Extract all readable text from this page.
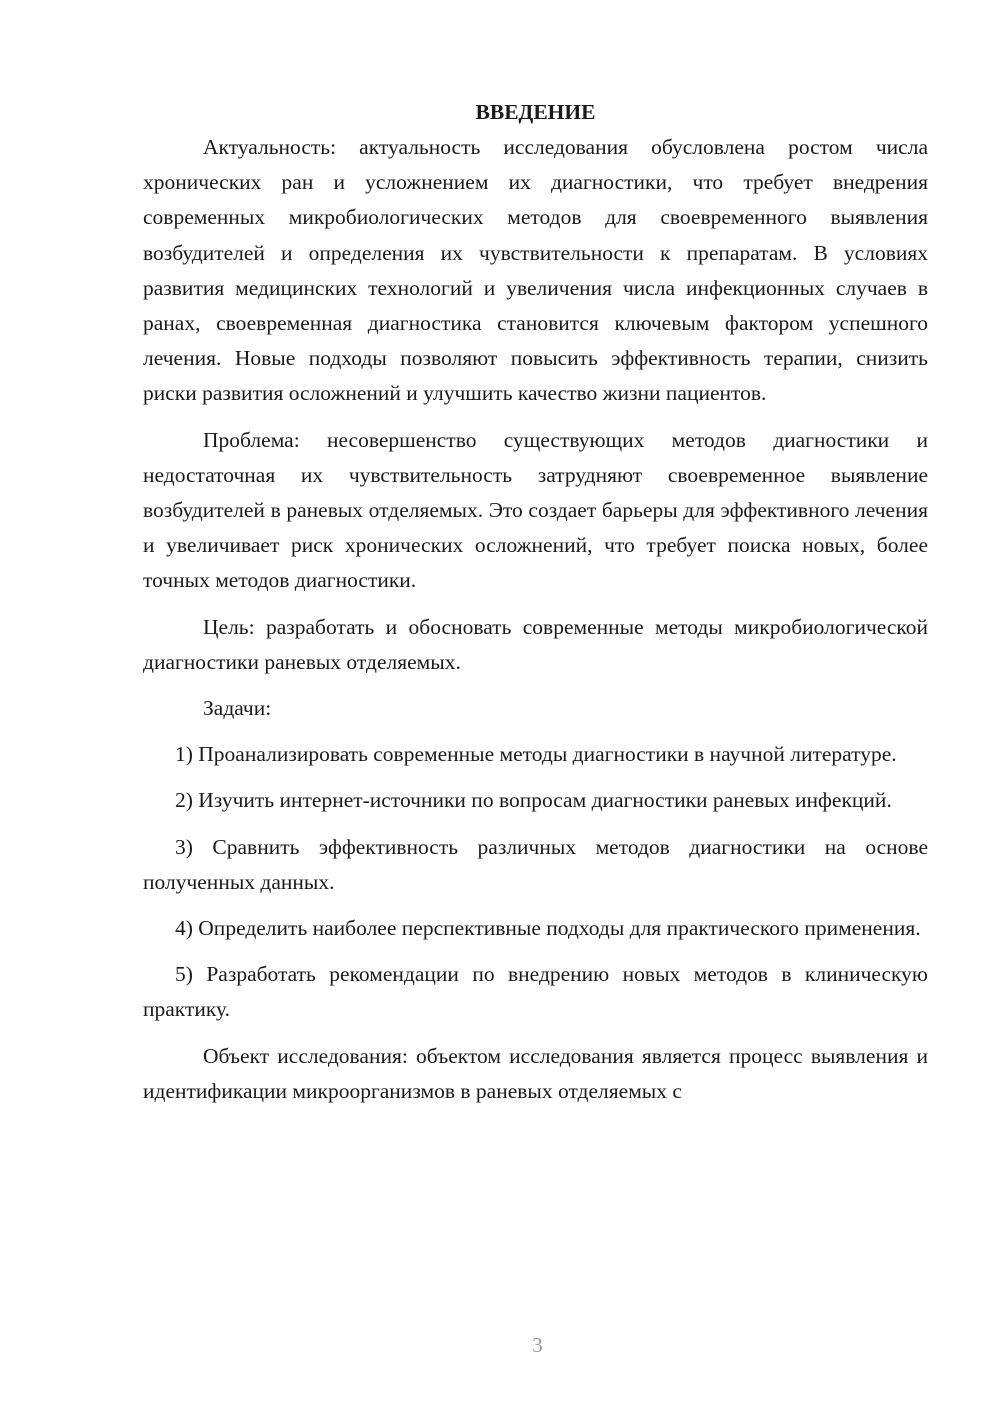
ВВЕДЕНИЕ

Актуальность: актуальность исследования обусловлена ростом числа хронических ран и усложнением их диагностики, что требует внедрения современных микробиологических методов для своевременного выявления возбудителей и определения их чувствительности к препаратам. В условиях развития медицинских технологий и увеличения числа инфекционных случаев в ранах, своевременная диагностика становится ключевым фактором успешного лечения. Новые подходы позволяют повысить эффективность терапии, снизить риски развития осложнений и улучшить качество жизни пациентов.

Проблема: несовершенство существующих методов диагностики и недостаточная их чувствительность затрудняют своевременное выявление возбудителей в раневых отделяемых. Это создает барьеры для эффективного лечения и увеличивает риск хронических осложнений, что требует поиска новых, более точных методов диагностики.

Цель: разработать и обосновать современные методы микробиологической диагностики раневых отделяемых.

Задачи:

1) Проанализировать современные методы диагностики в научной литературе.

2) Изучить интернет-источники по вопросам диагностики раневых инфекций.

3) Сравнить эффективность различных методов диагностики на основе полученных данных.

4) Определить наиболее перспективные подходы для практического применения.

5) Разработать рекомендации по внедрению новых методов в клиническую практику.

Объект исследования: объектом исследования является процесс выявления и идентификации микроорганизмов в раневых отделяемых с

3
